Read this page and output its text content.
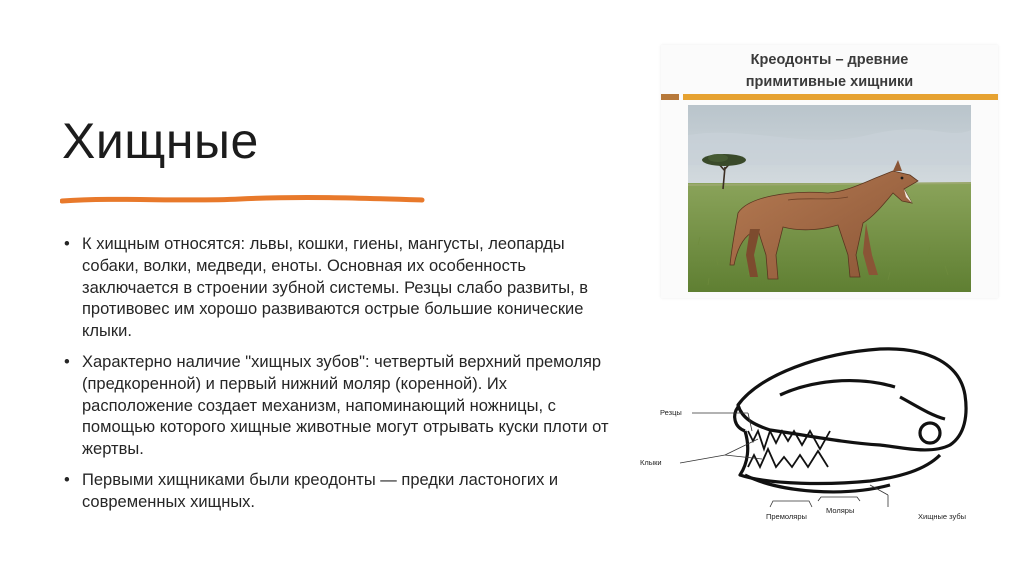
Хищные
• К хищным относятся: львы, кошки, гиены, мангусты, леопарды собаки, волки, медведи, еноты. Основная их особенность заключается в строении зубной системы. Резцы слабо развиты, в противовес им хорошо развиваются острые большие конические клыки.
• Характерно наличие "хищных зубов": четвертый верхний премоляр (предкоренной) и первый нижний моляр (коренной). Их расположение создает механизм, напоминающий ножницы, с помощью которого хищные животные могут отрывать куски плоти от жертвы.
• Первыми хищниками были креодонты — предки ластоногих и современных хищных.
Креодонты – древние
примитивные хищники
Резцы
Клыки
Премоляры
Моляры
Хищные зубы
